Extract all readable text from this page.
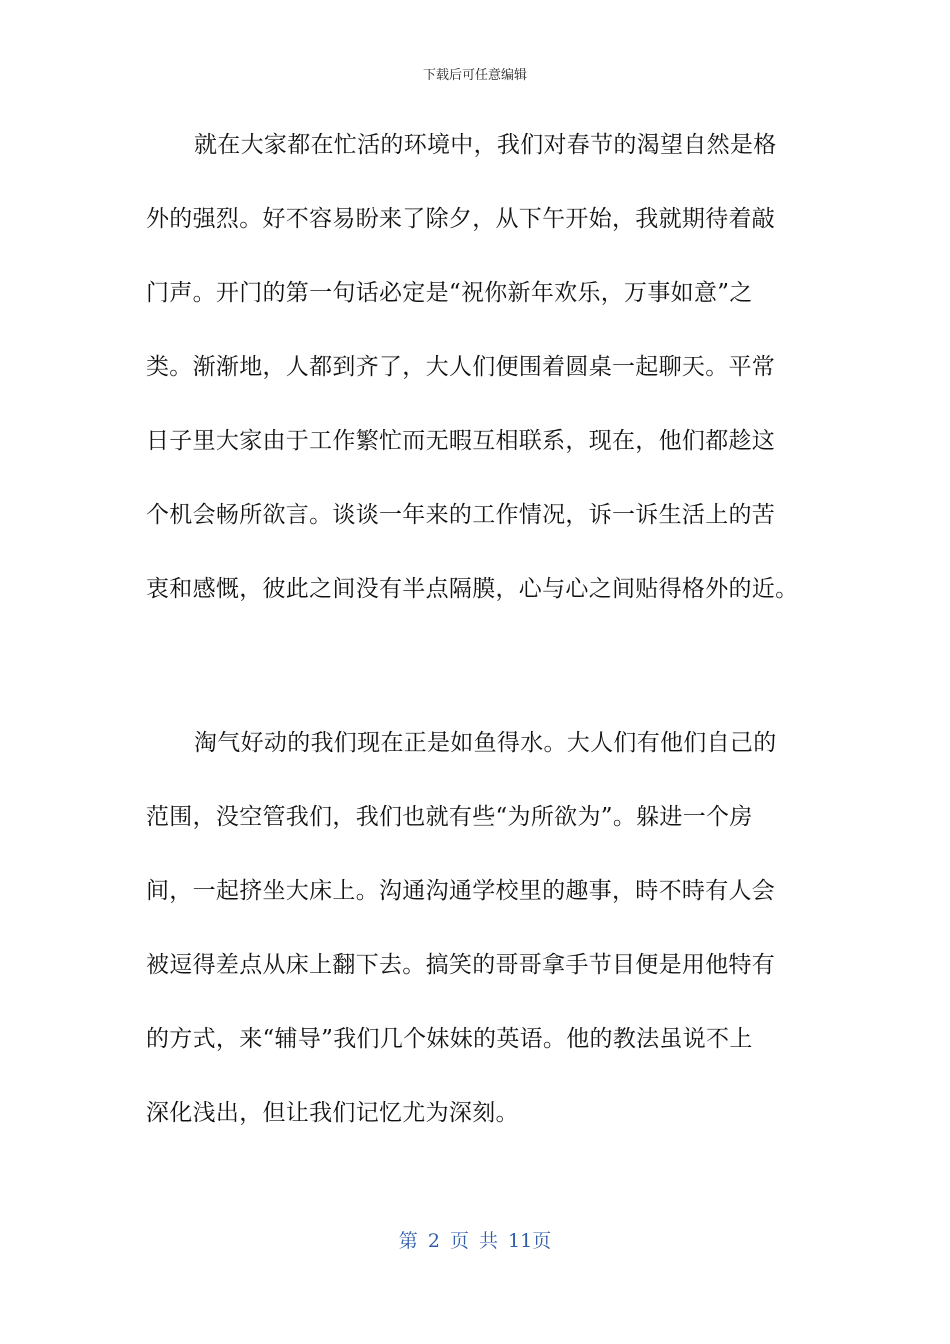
下载后可任意编辑
就在大家都在忙活的环境中，我们对春节的渴望自然是格
外的强烈。好不容易盼来了除夕，从下午开始，我就期待着敲
门声。开门的第一句话必定是“祝你新年欢乐，万事如意”之
类。渐渐地，人都到齐了，大人们便围着圆桌一起聊天。平常
日子里大家由于工作繁忙而无暇互相联系，现在，他们都趁这
个机会畅所欲言。谈谈一年来的工作情况，诉一诉生活上的苦
衷和感慨，彼此之间没有半点隔膜，心与心之间贴得格外的近。
淘气好动的我们现在正是如鱼得水。大人们有他们自己的
范围，没空管我们，我们也就有些“为所欲为”。躲进一个房
间，一起挤坐大床上。沟通沟通学校里的趣事，時不時有人会
被逗得差点从床上翻下去。搞笑的哥哥拿手节目便是用他特有
的方式，来“辅导”我们几个妹妹的英语。他的教法虽说不上
深化浅出，但让我们记忆尤为深刻。
第 2 页 共 11页
